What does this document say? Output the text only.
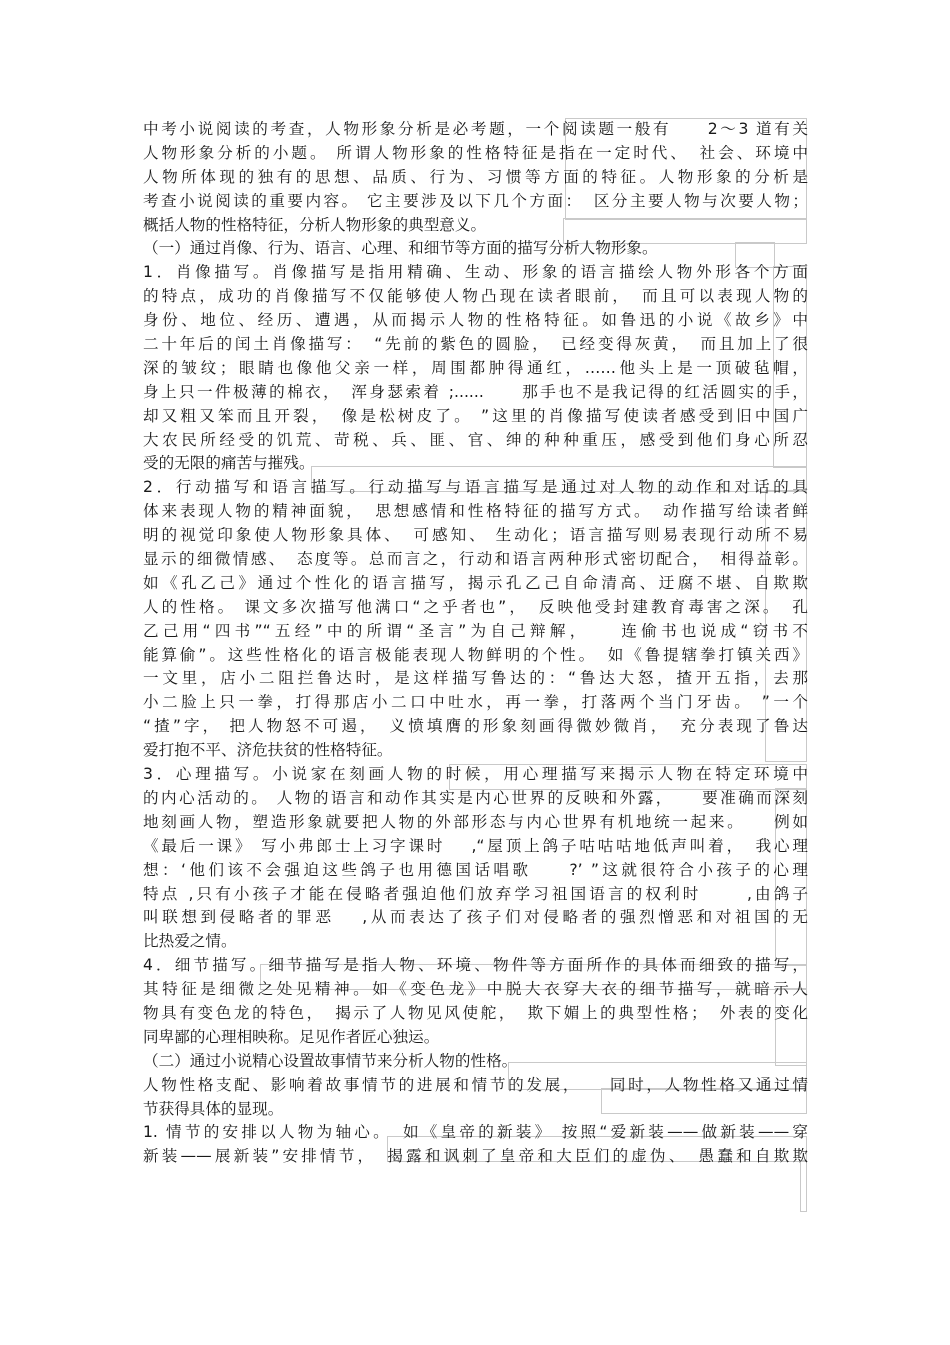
中考小说阅读的考查，人物形象分析是必考题，一个阅读题一般有　　2～3 道有关
人物形象分析的小题。 所谓人物形象的性格特征是指在一定时代、　社会、环境中
人物所体现的独有的思想、品质、行为、习惯等方面的特征。人物形象的分析是
考查小说阅读的重要内容。 它主要涉及以下几个方面：　区分主要人物与次要人物；
概括人物的性格特征，分析人物形象的典型意义。
（一）通过肖像、行为、语言、心理、和细节等方面的描写分析人物形象。
1．肖像描写。肖像描写是指用精确、生动、形象的语言描绘人物外形各个方面
的特点，成功的肖像描写不仅能够使人物凸现在读者眼前，　而且可以表现人物的
身份、地位、经历、遭遇，从而揭示人物的性格特征。如鲁迅的小说《故乡》中
二十年后的闰土肖像描写：　“先前的紫色的圆脸，　已经变得灰黄，　而且加上了很
深的皱纹；眼睛也像他父亲一样，周围都肿得通红，……他头上是一顶破毡帽，
身上只一件极薄的棉衣，　浑身瑟索着 ;......　　那手也不是我记得的红活圆实的手，
却又粗又笨而且开裂，　像是松树皮了。 ”这里的肖像描写使读者感受到旧中国广
大农民所经受的饥荒、苛税、兵、匪、官、绅的种种重压，感受到他们身心所忍
受的无限的痛苦与摧残。
2．行动描写和语言描写。行动描写与语言描写是通过对人物的动作和对话的具
体来表现人物的精神面貌，　思想感情和性格特征的描写方式。　动作描写给读者鲜
明的视觉印象使人物形象具体、　可感知、 生动化；语言描写则易表现行动所不易
显示的细微情感、　态度等。总而言之，行动和语言两种形式密切配合，　相得益彰。
如《孔乙己》通过个性化的语言描写，揭示孔乙己自命清高、迂腐不堪、自欺欺
人的性格。 课文多次描写他满口“之乎者也”，　反映他受封建教育毒害之深。　孔
乙己用“四书”“五经”中的所谓“圣言”为自己辩解，　　连偷书也说成“窃书不
能算偷”。这些性格化的语言极能表现人物鲜明的个性。　如《鲁提辖拳打镇关西》
一文里，店小二阻拦鲁达时，是这样描写鲁达的：“鲁达大怒，揸开五指，去那
小二脸上只一拳，打得那店小二口中吐水，再一拳，打落两个当门牙齿。 ”一个
“揸”字， 把人物怒不可遏，　义愤填膺的形象刻画得微妙微肖，　充分表现了鲁达
爱打抱不平、济危扶贫的性格特征。
3．心理描写。小说家在刻画人物的时候，用心理描写来揭示人物在特定环境中
的内心活动的。 人物的语言和动作其实是内心世界的反映和外露，　　要准确而深刻
地刻画人物，塑造形象就要把人物的外部形态与内心世界有机地统一起来。　　例如
《最后一课》 写小弗郎士上习字课时　 ,“屋顶上鸽子咕咕咕地低声叫着，　我心理
想：‘他们该不会强迫这些鸽子也用德国话唱歌　　?’ ”这就很符合小孩子的心理
特点 ,只有小孩子才能在侵略者强迫他们放弃学习祖国语言的权利时　　 ,由鸽子
叫联想到侵略者的罪恶　 ,从而表达了孩子们对侵略者的强烈憎恶和对祖国的无
比热爱之情。
4．细节描写。细节描写是指人物、环境、物件等方面所作的具体而细致的描写，
其特征是细微之处见精神。如《变色龙》中脱大衣穿大衣的细节描写，就暗示人
物具有变色龙的特色，　揭示了人物见风使舵，　欺下媚上的典型性格；　外表的变化
同卑鄙的心理相映称。足见作者匠心独运。
（二）通过小说精心设置故事情节来分析人物的性格。
人物性格支配、影响着故事情节的进展和情节的发展，　　同时，人物性格又通过情
节获得具体的显现。
1. 情节的安排以人物为轴心。　如《皇帝的新装》 按照“爱新装——做新装——穿
新装——展新装”安排情节，　揭露和讽刺了皇帝和大臣们的虚伪、　愚蠢和自欺欺
